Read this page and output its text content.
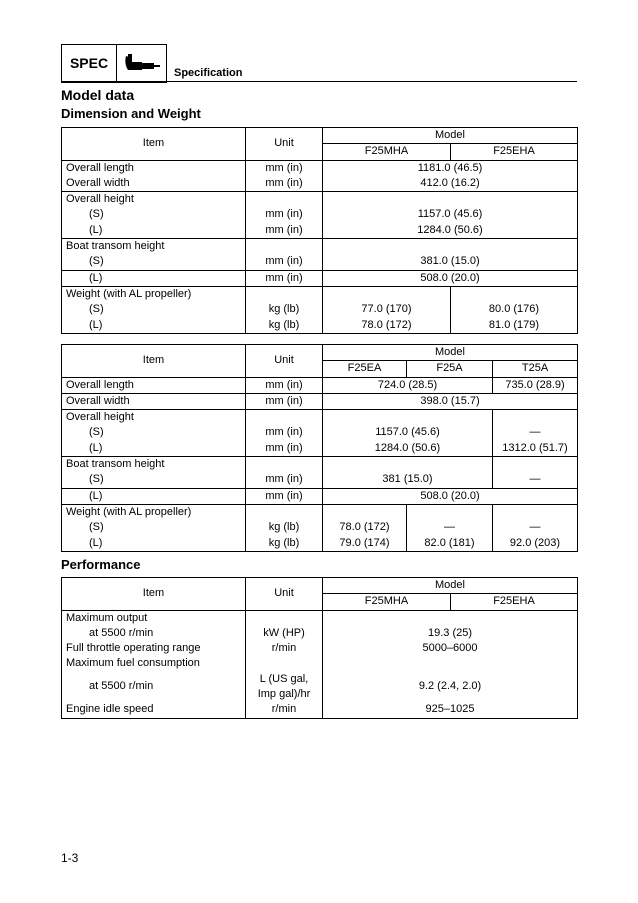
SPEC
Specification
Model data
Dimension and Weight
Item	Unit	Model	
		F25MHA	F25EHA
Overall length	mm (in)	1181.0 (46.5)	
Overall width	mm (in)	412.0 (16.2)	
Overall height			
(S)	mm (in)	1157.0 (45.6)	
(L)	mm (in)	1284.0 (50.6)	
Boat transom height			
(S)	mm (in)	381.0 (15.0)	
(L)	mm (in)	508.0 (20.0)	
Weight (with AL propeller)			
(S)	kg (lb)	77.0 (170)	80.0 (176)
(L)	kg (lb)	78.0 (172)	81.0 (179)
Item	Unit	Model		
		F25EA	F25A	T25A
Overall length	mm (in)	724.0 (28.5)		735.0 (28.9)
Overall width	mm (in)	398.0 (15.7)		
Overall height				
(S)	mm (in)	1157.0 (45.6)		—
(L)	mm (in)	1284.0 (50.6)		1312.0 (51.7)
Boat transom height				
(S)	mm (in)	381 (15.0)		—
(L)	mm (in)	508.0 (20.0)		
Weight (with AL propeller)				
(S)	kg (lb)	78.0 (172)	—	—
(L)	kg (lb)	79.0 (174)	82.0 (181)	92.0 (203)
Performance
Item	Unit	Model	
		F25MHA	F25EHA
Maximum output			
at 5500 r/min	kW (HP)	19.3 (25)	
Full throttle operating range	r/min	5000–6000	
Maximum fuel consumption			
at 5500 r/min	L (US gal,
Imp gal)/hr	9.2 (2.4, 2.0)	
Engine idle speed	r/min	925–1025	
1-3
